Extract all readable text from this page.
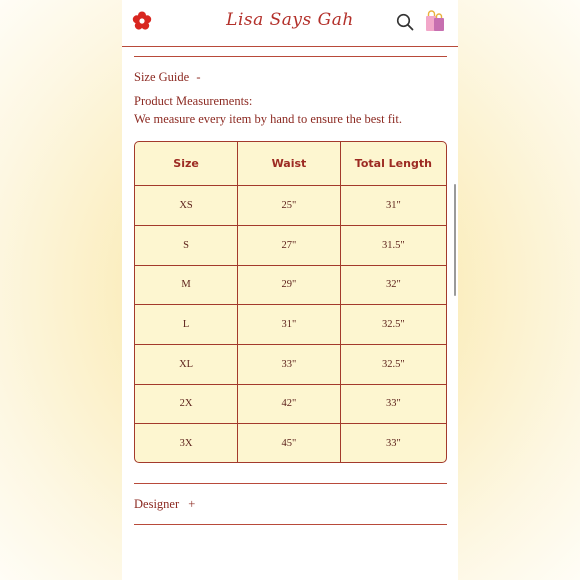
Lisa Says Gah
Size Guide -
Product Measurements:
We measure every item by hand to ensure the best fit.
Size	Waist	Total Length
XS	25"	31"
S	27"	31.5"
M	29"	32"
L	31"	32.5"
XL	33"	32.5"
2X	42"	33"
3X	45"	33"
Designer +
